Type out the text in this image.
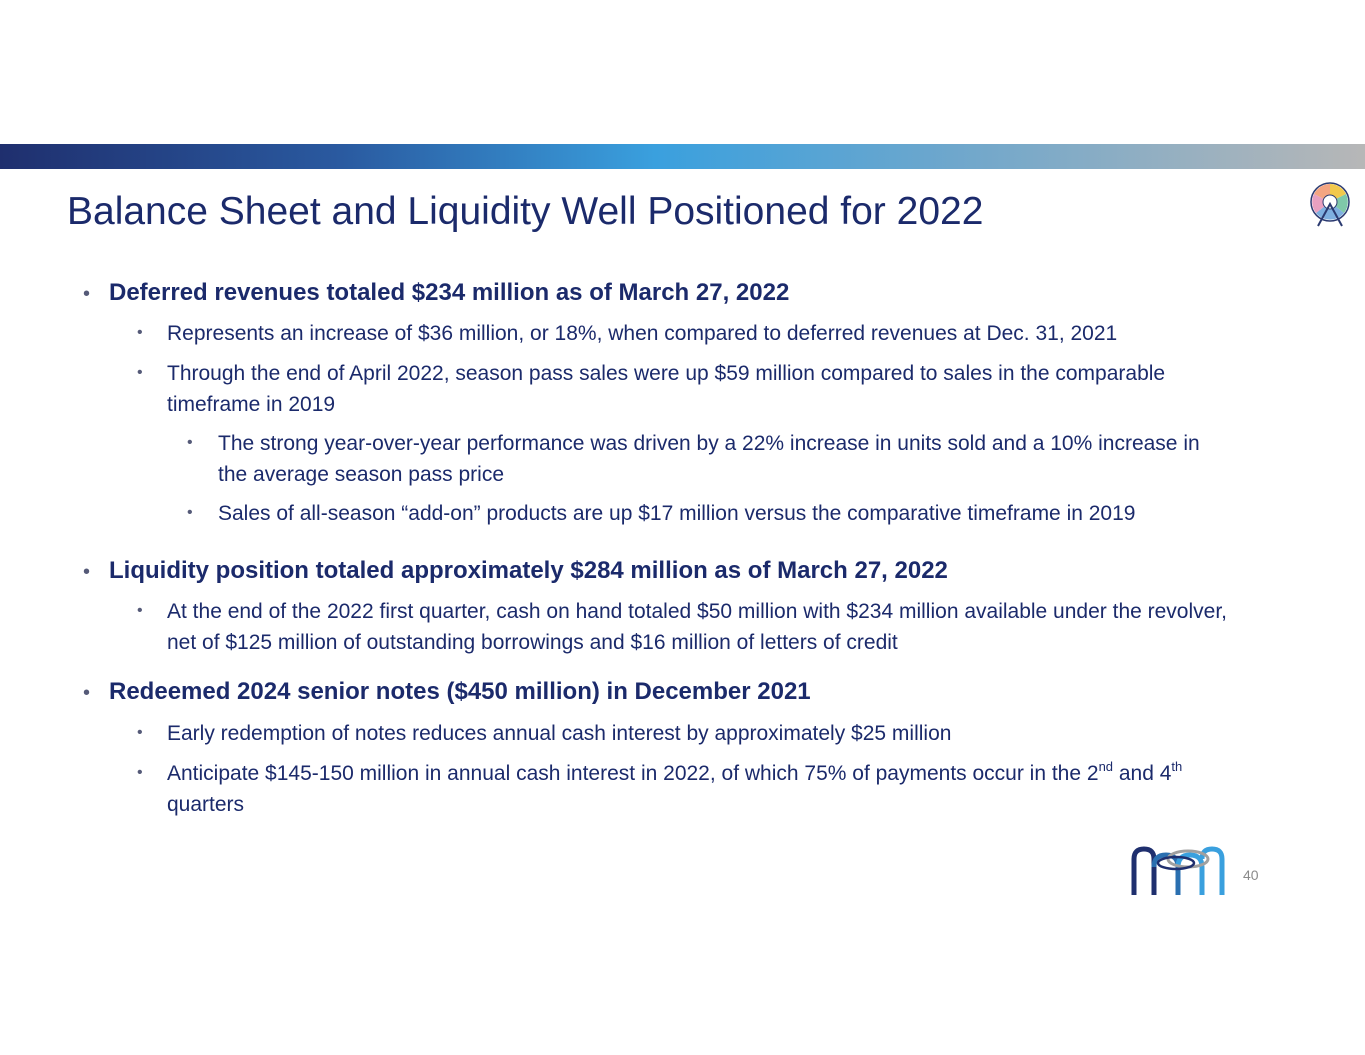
Balance Sheet and Liquidity Well Positioned for 2022
• Deferred revenues totaled $234 million as of March 27, 2022

• Represents an increase of $36 million, or 18%, when compared to deferred revenues at Dec. 31, 2021

• Through the end of April 2022, season pass sales were up $59 million compared to sales in the comparable timeframe in 2019

• The strong year-over-year performance was driven by a 22% increase in units sold and a 10% increase in the average season pass price

• Sales of all-season “add-on” products are up $17 million versus the comparative timeframe in 2019

• Liquidity position totaled approximately $284 million as of March 27, 2022

• At the end of the 2022 first quarter, cash on hand totaled $50 million with $234 million available under the revolver, net of $125 million of outstanding borrowings and $16 million of letters of credit

• Redeemed 2024 senior notes ($450 million) in December 2021

• Early redemption of notes reduces annual cash interest by approximately $25 million

• Anticipate $145-150 million in annual cash interest in 2022, of which 75% of payments occur in the 2nd and 4th quarters

40
